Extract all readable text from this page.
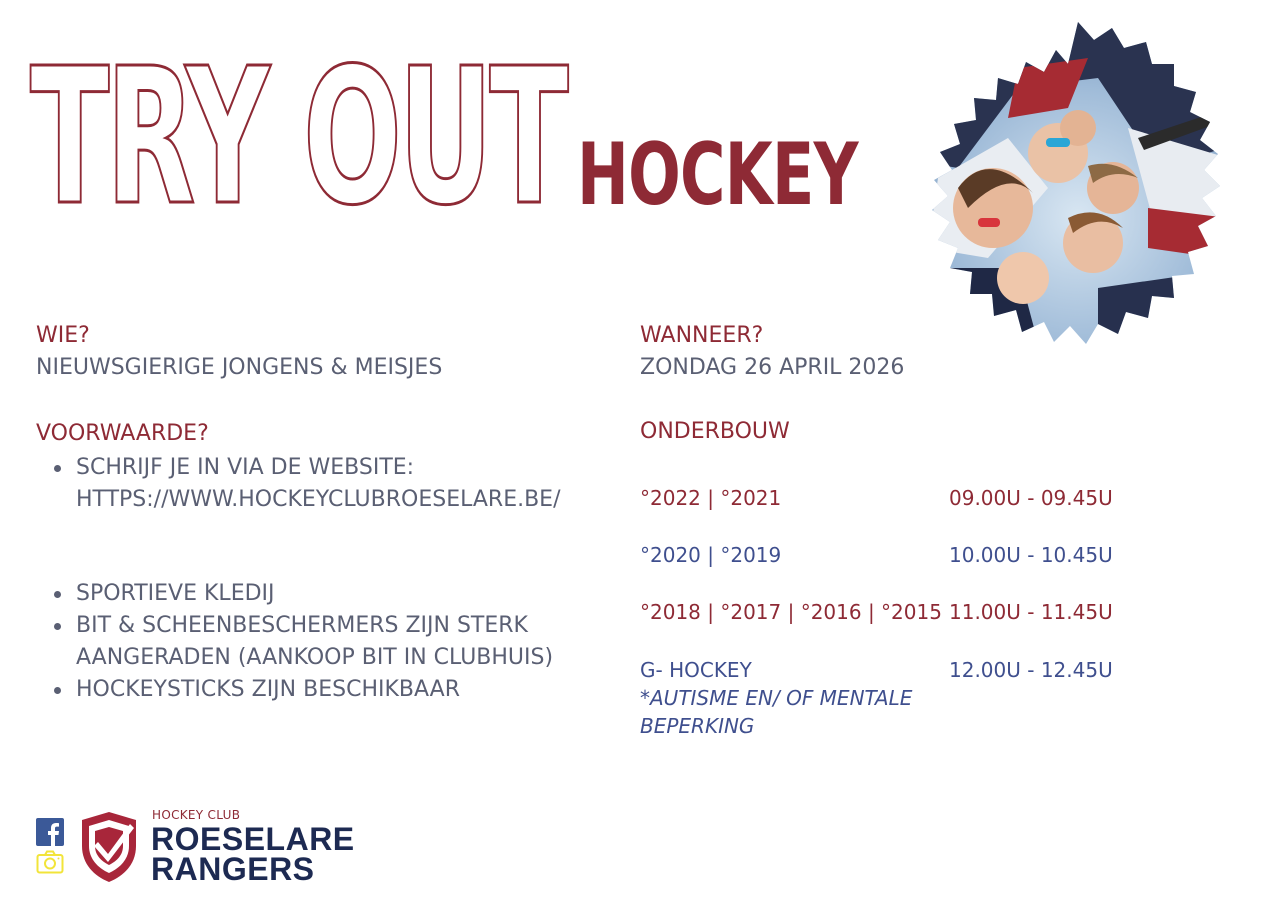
TRY OUT HOCKEY
WIE?
NIEUWSGIERIGE JONGENS & MEISJES
VOORWAARDE?
SCHRIJF JE IN VIA DE WEBSITE:
HTTPS://WWW.HOCKEYCLUBROESELARE.BE/
SPORTIEVE KLEDIJ
BIT & SCHEENBESCHERMERS ZIJN STERK
AANGERADEN (AANKOOP BIT IN CLUBHUIS)
HOCKEYSTICKS ZIJN BESCHIKBAAR
WANNEER?
ZONDAG 26 APRIL 2026
ONDERBOUW
°2022 | °2021	09.00U - 09.45U
°2020 | °2019	10.00U - 10.45U
°2018 | °2017 | °2016 | °2015 11.00U - 11.45U
G- HOCKEY	12.00U - 12.45U
*AUTISME EN/ OF MENTALE
BEPERKING
HOCKEY CLUB
ROESELARE
RANGERS
